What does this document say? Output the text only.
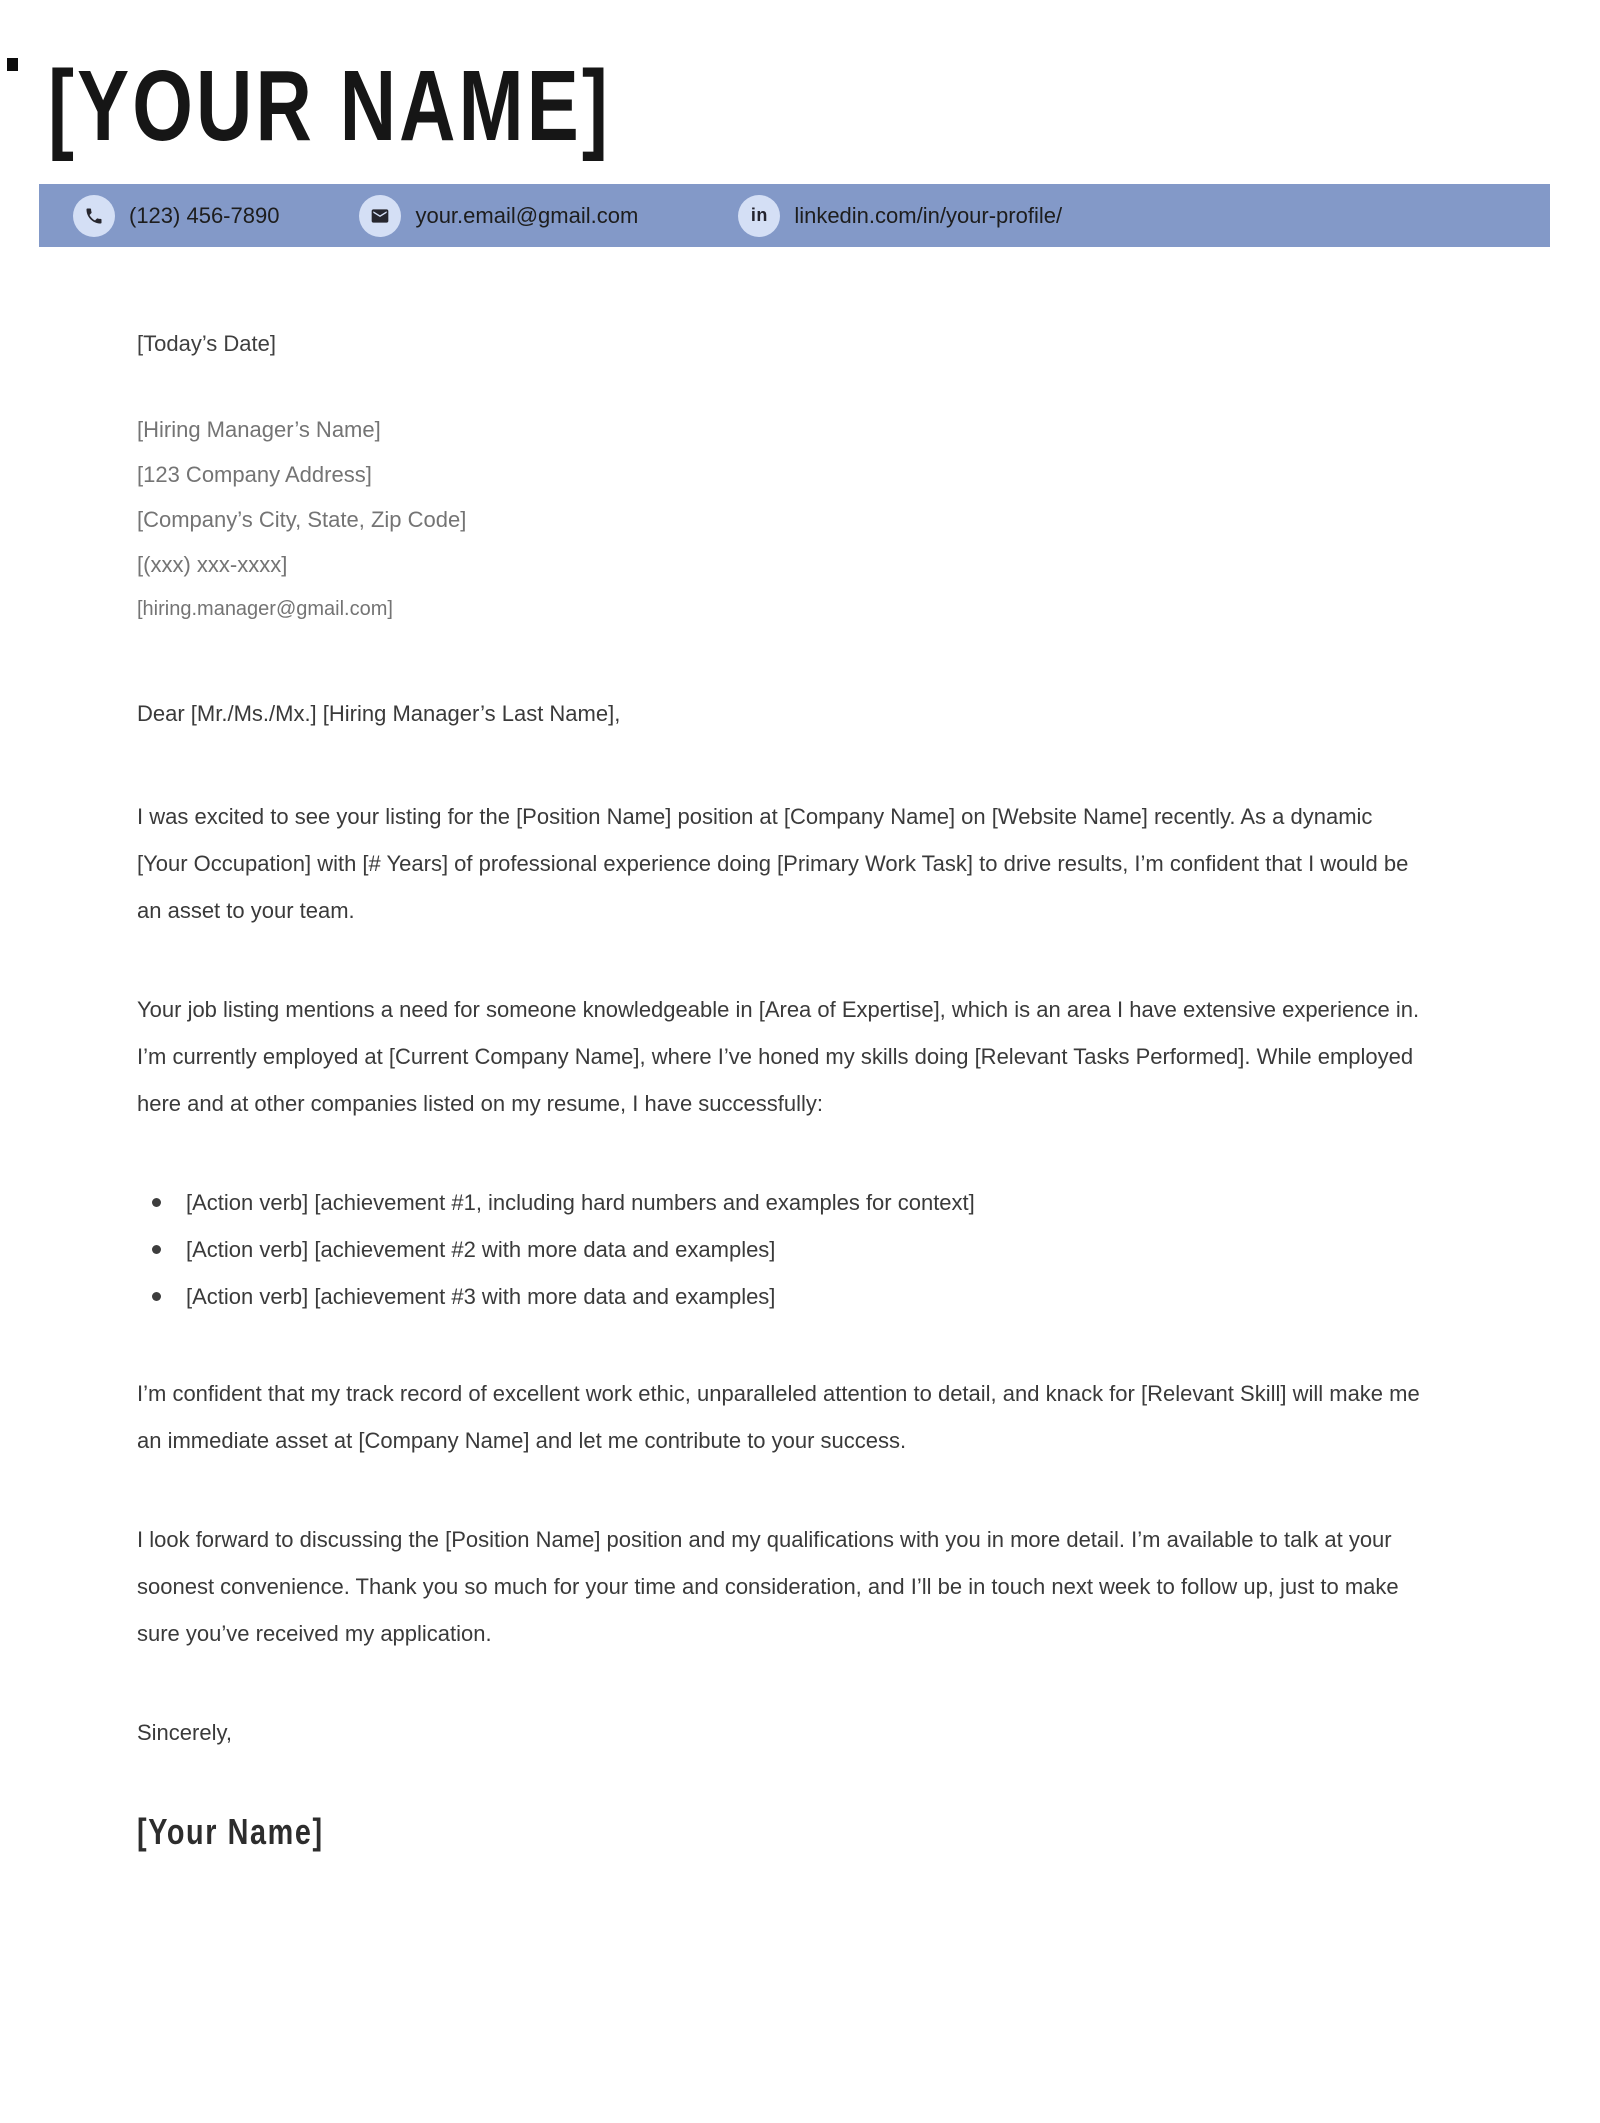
[YOUR NAME]
(123) 456-7890	your.email@gmail.com	in linkedin.com/in/your-profile/

[Today’s Date]

[Hiring Manager’s Name]

[123 Company Address]

[Company’s City, State, Zip Code]

[(xxx) xxx-xxxx]

[hiring.manager@gmail.com]

Dear [Mr./Ms./Mx.] [Hiring Manager’s Last Name],

I was excited to see your listing for the [Position Name] position at [Company Name] on [Website Name] recently. As a dynamic [Your Occupation] with [# Years] of professional experience doing [Primary Work Task] to drive results, I’m confident that I would be an asset to your team.

Your job listing mentions a need for someone knowledgeable in [Area of Expertise], which is an area I have extensive experience in. I’m currently employed at [Current Company Name], where I’ve honed my skills doing [Relevant Tasks Performed]. While employed here and at other companies listed on my resume, I have successfully:

[Action verb] [achievement #1, including hard numbers and examples for context]
[Action verb] [achievement #2 with more data and examples]
[Action verb] [achievement #3 with more data and examples]

I’m confident that my track record of excellent work ethic, unparalleled attention to detail, and knack for [Relevant Skill] will make me an immediate asset at [Company Name] and let me contribute to your success.

I look forward to discussing the [Position Name] position and my qualifications with you in more detail. I’m available to talk at your soonest convenience. Thank you so much for your time and consideration, and I’ll be in touch next week to follow up, just to make sure you’ve received my application.

Sincerely,

[Your Name]
